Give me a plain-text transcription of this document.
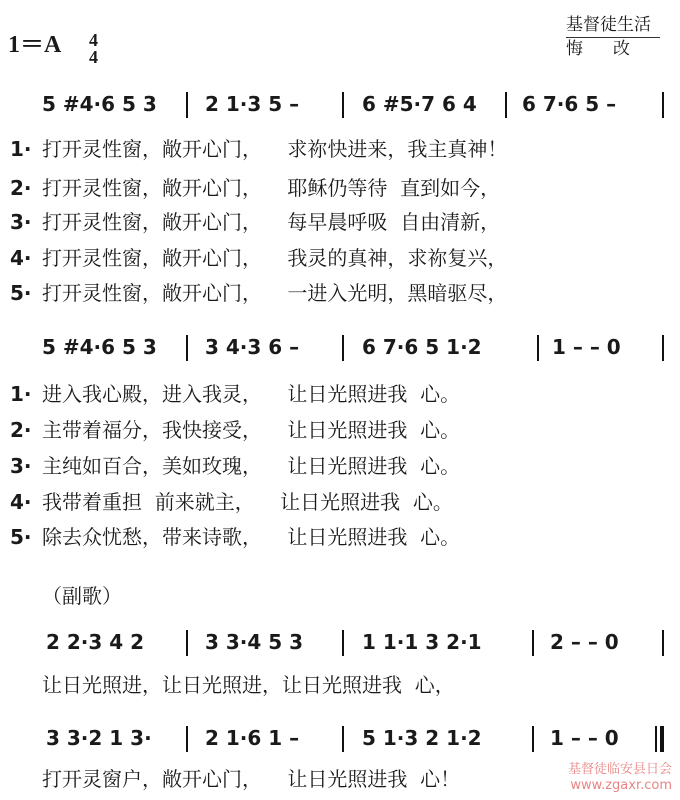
1＝A 4
4
基督徒生活
悔改
5 #4·6 5 3 2 1·3 5 –	6 #5·7 6 4 6 7·6 5 –
1· 打开灵性窗，敞开心门，    求祢快进来，我主真神！
2· 打开灵性窗，敞开心门，    耶稣仍等待  直到如今，
3· 打开灵性窗，敞开心门，    每早晨呼吸  自由清新，
4· 打开灵性窗，敞开心门，    我灵的真神，求祢复兴，
5· 打开灵性窗，敞开心门，    一进入光明，黑暗驱尽，
5 #4·6 5 3 3 4·3 6 –	6 7·6 5 1·2	1 – – 0
1· 进入我心殿，进入我灵，    让日光照进我  心。
2· 主带着福分，我快接受，    让日光照进我  心。
3· 主纯如百合，美如玫瑰，    让日光照进我  心。
4· 我带着重担  前来就主，    让日光照进我  心。
5· 除去众忧愁，带来诗歌，    让日光照进我  心。
（副歌）
2 2·3 4 2	3 3·4 5 3	1 1·1 3 2·1	2 – – 0
让日光照进，让日光照进，让日光照进我  心，
3 3·2 1 3·	2 1·6 1 –	5 1·3 2 1·2	1 – – 0
打开灵窗户，敞开心门，    让日光照进我  心！	基督徒临安县日会
www.zgaxr.com
